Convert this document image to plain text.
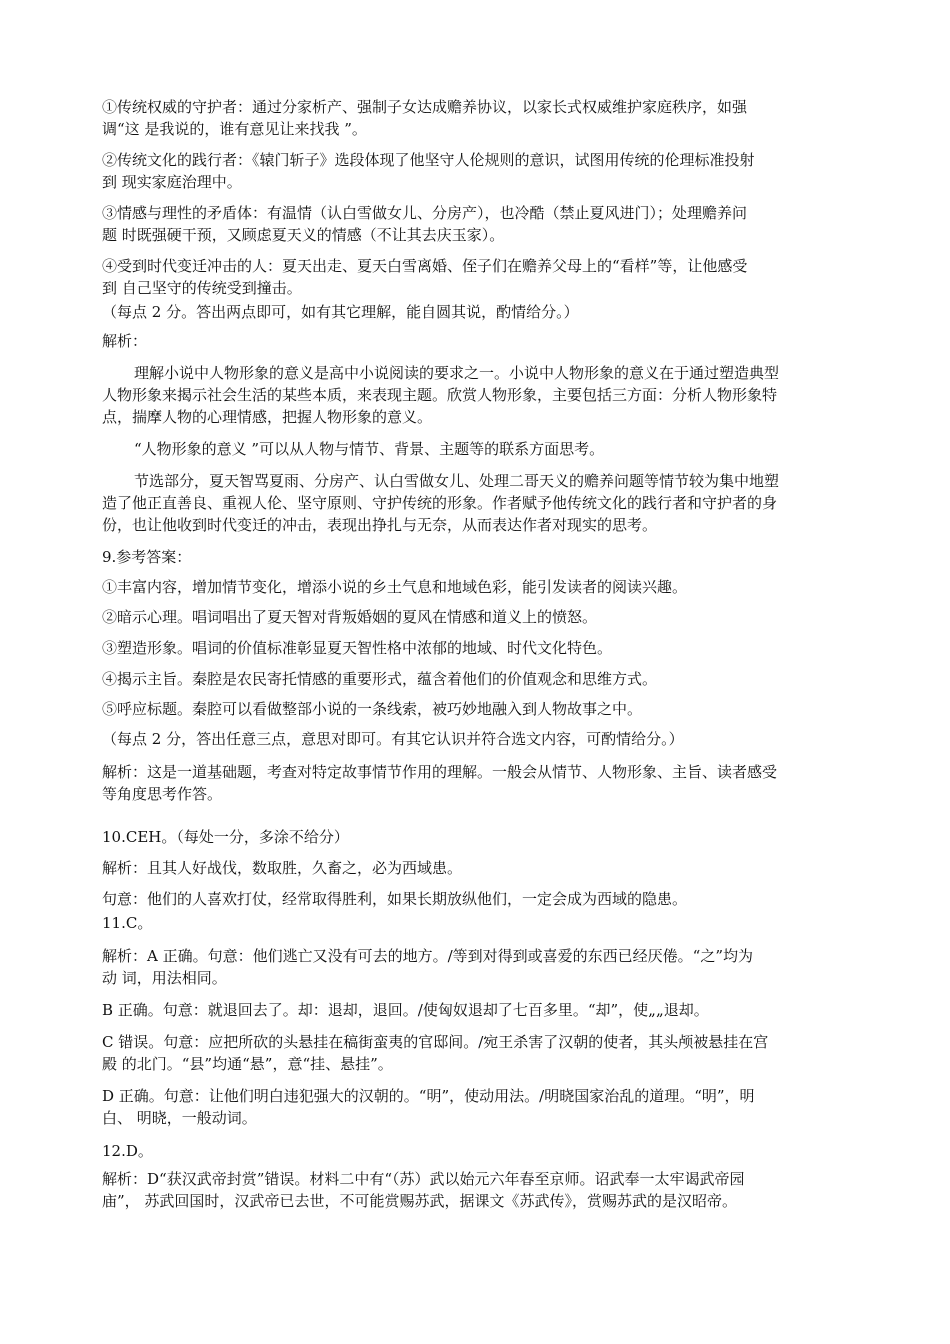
①传统权威的守护者：通过分家析产、强制子女达成赡养协议，以家长式权威维护家庭秩序，如强
调“这 是我说的，谁有意见让来找我 ”。

②传统文化的践行者：《辕门斩子》选段体现了他坚守人伦规则的意识，试图用传统的伦理标准投射
到 现实家庭治理中。

③情感与理性的矛盾体：有温情（认白雪做女儿、分房产），也冷酷（禁止夏风进门）；处理赡养问
题 时既强硬干预，又顾虑夏天义的情感（不让其去庆玉家）。

④受到时代变迁冲击的人：夏天出走、夏天白雪离婚、侄子们在赡养父母上的“看样”等，让他感受
到 自己坚守的传统受到撞击。

（每点 2 分。答出两点即可，如有其它理解，能自圆其说，酌情给分。）

解析：

理解小说中人物形象的意义是高中小说阅读的要求之一。小说中人物形象的意义在于通过塑造典型
人物形象来揭示社会生活的某些本质，来表现主题。欣赏人物形象，主要包括三方面：分析人物形象特
点，揣摩人物的心理情感，把握人物形象的意义。

“人物形象的意义 ”可以从人物与情节、背景、主题等的联系方面思考。

节选部分，夏天智骂夏雨、分房产、认白雪做女儿、处理二哥天义的赡养问题等情节较为集中地塑
造了他正直善良、重视人伦、坚守原则、守护传统的形象。作者赋予他传统文化的践行者和守护者的身
份，也让他收到时代变迁的冲击，表现出挣扎与无奈，从而表达作者对现实的思考。

9.参考答案：

①丰富内容，增加情节变化，增添小说的乡土气息和地域色彩，能引发读者的阅读兴趣。

②暗示心理。唱词唱出了夏天智对背叛婚姻的夏风在情感和道义上的愤怒。

③塑造形象。唱词的价值标准彰显夏天智性格中浓郁的地域、时代文化特色。

④揭示主旨。秦腔是农民寄托情感的重要形式，蕴含着他们的价值观念和思维方式。

⑤呼应标题。秦腔可以看做整部小说的一条线索，被巧妙地融入到人物故事之中。

（每点 2 分，答出任意三点，意思对即可。有其它认识并符合选文内容，可酌情给分。）

解析：这是一道基础题，考查对特定故事情节作用的理解。一般会从情节、人物形象、主旨、读者感受
等角度思考作答。

10.CEH。（每处一分，多涂不给分）

解析：且其人好战伐，数取胜，久畜之，必为西域患。

句意：他们的人喜欢打仗，经常取得胜利，如果长期放纵他们，一定会成为西域的隐患。

11.C。

解析：A 正确。句意：他们逃亡又没有可去的地方。/等到对得到或喜爱的东西已经厌倦。“之”均为
动 词，用法相同。

B 正确。句意：就退回去了。却：退却，退回。/使匈奴退却了七百多里。“却”，使„„退却。

C 错误。句意：应把所砍的头悬挂在稿街蛮夷的官邸间。/宛王杀害了汉朝的使者，其头颅被悬挂在宫
殿 的北门。“县”均通“悬”，意“挂、悬挂”。

D 正确。句意：让他们明白违犯强大的汉朝的。“明”，使动用法。/明晓国家治乱的道理。“明”，明
白、 明晓，一般动词。

12.D。

解析：D“获汉武帝封赏”错误。材料二中有“（苏）武以始元六年春至京师。诏武奉一太牢谒武帝园
庙”， 苏武回国时，汉武帝已去世，不可能赏赐苏武，据课文《苏武传》，赏赐苏武的是汉昭帝。
